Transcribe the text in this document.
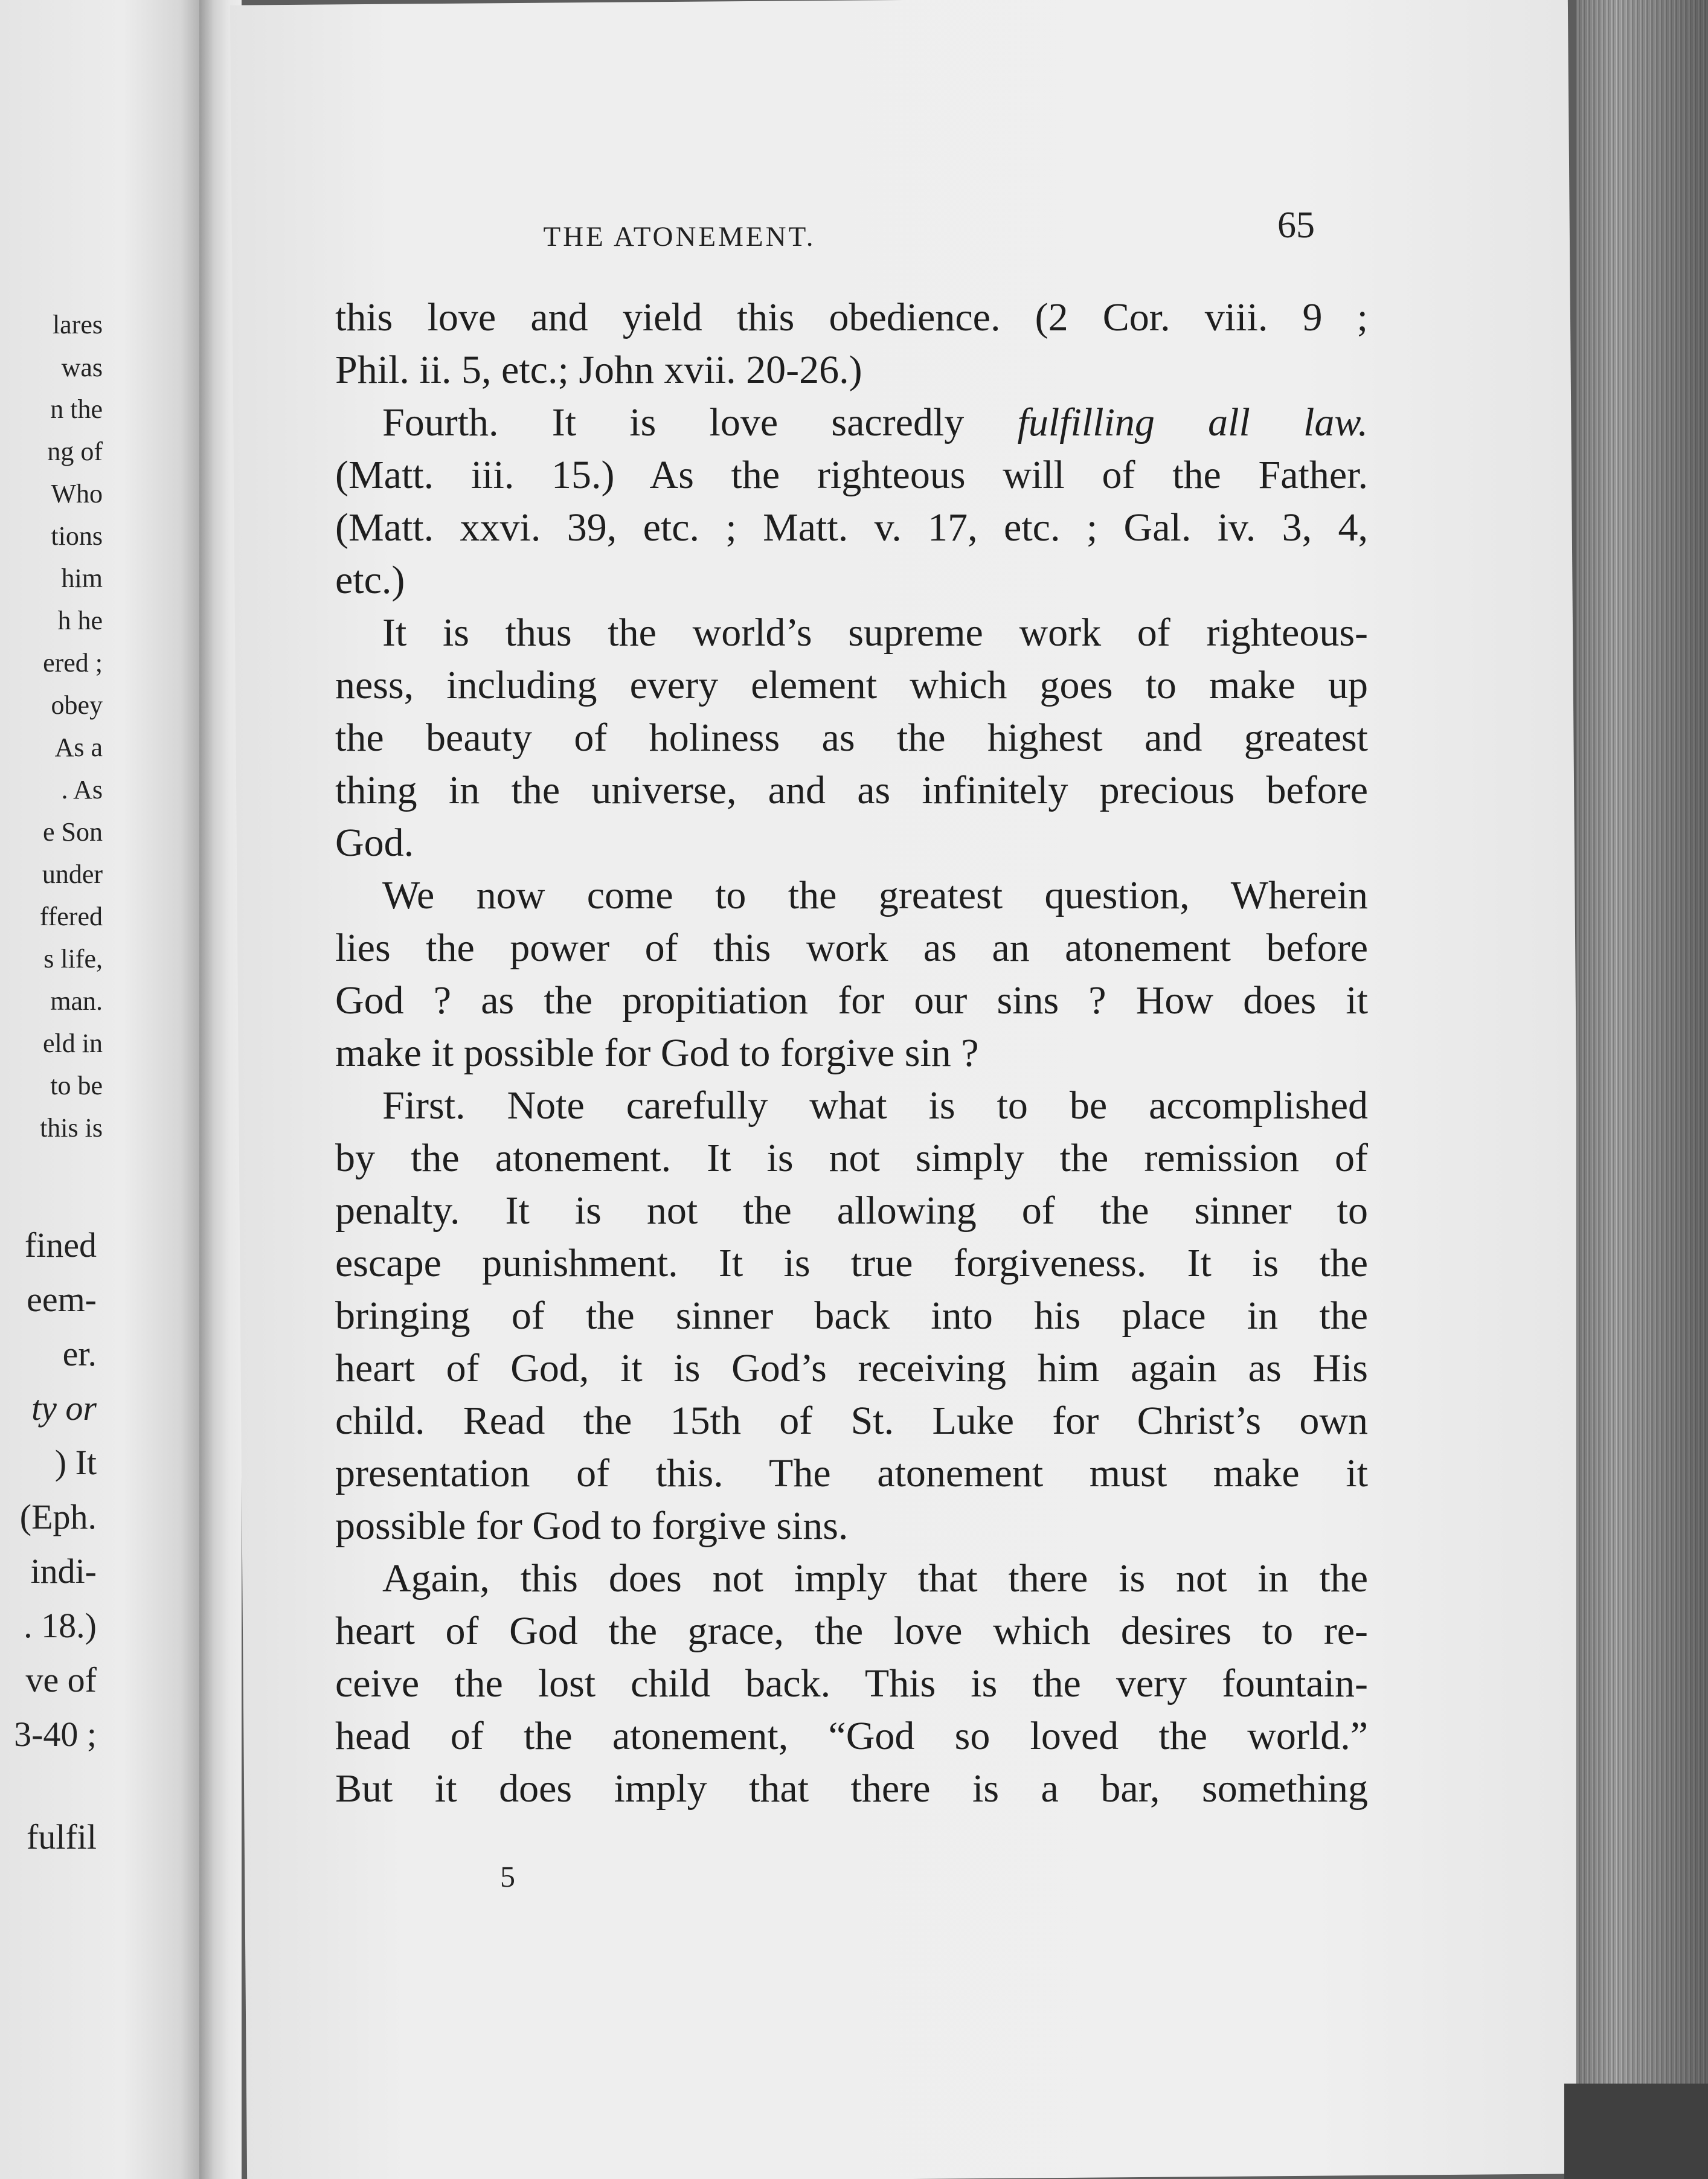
lares
was
n the
ng of
Who
tions
him
h he
ered ;
obey
As a
. As
e Son
under
ffered
s life,
man.
eld in
to be
this is
fined
eem-
er.
ty or
) It
(Eph.
indi-
. 18.)
ve of
3-40 ;
fulfil
THE ATONEMENT.	65
this love and yield this obedience. (2 Cor. viii. 9 ;
Phil. ii. 5, etc.; John xvii. 20-26.)
Fourth. It is love sacredly fulfilling all law.
(Matt. iii. 15.) As the righteous will of the Father.
(Matt. xxvi. 39, etc. ; Matt. v. 17, etc. ; Gal. iv. 3, 4,
etc.)
It is thus the world’s supreme work of righteous-
ness, including every element which goes to make up
the beauty of holiness as the highest and greatest
thing in the universe, and as infinitely precious before
God.
We now come to the greatest question, Wherein
lies the power of this work as an atonement before
God ? as the propitiation for our sins ? How does it
make it possible for God to forgive sin ?
First. Note carefully what is to be accomplished
by the atonement. It is not simply the remission of
penalty. It is not the allowing of the sinner to
escape punishment. It is true forgiveness. It is the
bringing of the sinner back into his place in the
heart of God, it is God’s receiving him again as His
child. Read the 15th of St. Luke for Christ’s own
presentation of this. The atonement must make it
possible for God to forgive sins.
Again, this does not imply that there is not in the
heart of God the grace, the love which desires to re-
ceive the lost child back. This is the very fountain-
head of the atonement, “God so loved the world.”
But it does imply that there is a bar, something
5
